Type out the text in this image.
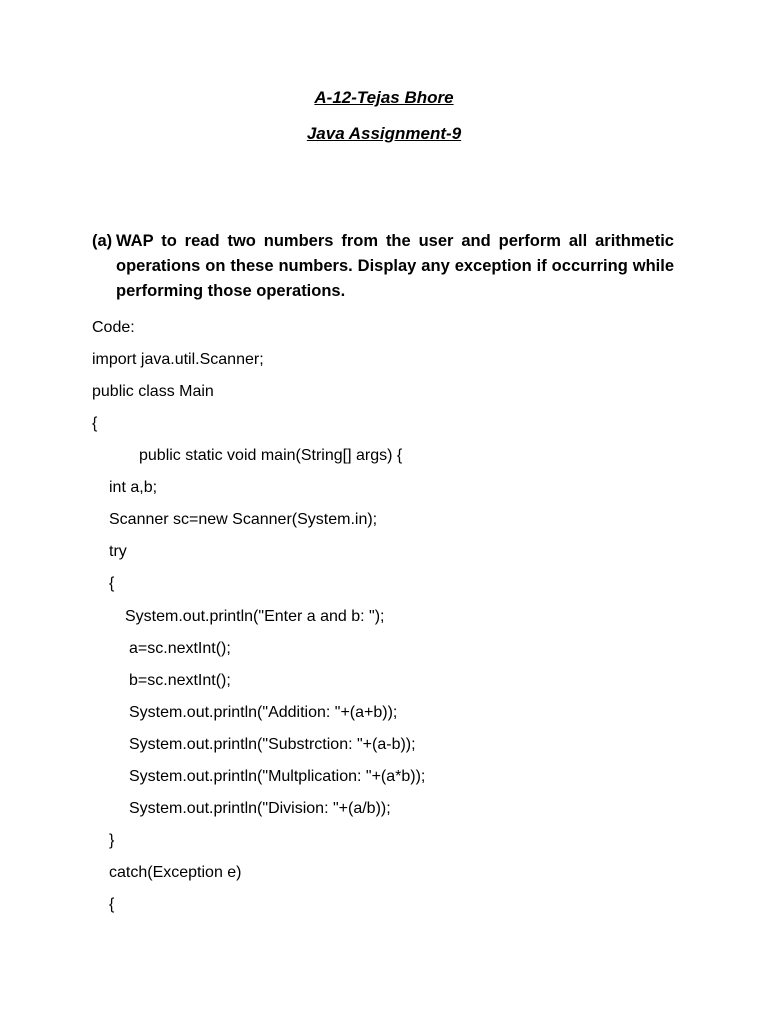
A-12-Tejas Bhore
Java Assignment-9
(a) WAP to read two numbers from the user and perform all arithmetic operations on these numbers. Display any exception if occurring while performing those operations.
Code:
import java.util.Scanner;
public class Main
{
public static void main(String[] args) {
int a,b;
Scanner sc=new Scanner(System.in);
try
{
System.out.println("Enter a and b: ");
a=sc.nextInt();
b=sc.nextInt();
System.out.println("Addition: "+(a+b));
System.out.println("Substrction: "+(a-b));
System.out.println("Multplication: "+(a*b));
System.out.println("Division: "+(a/b));
}
catch(Exception e)
{
